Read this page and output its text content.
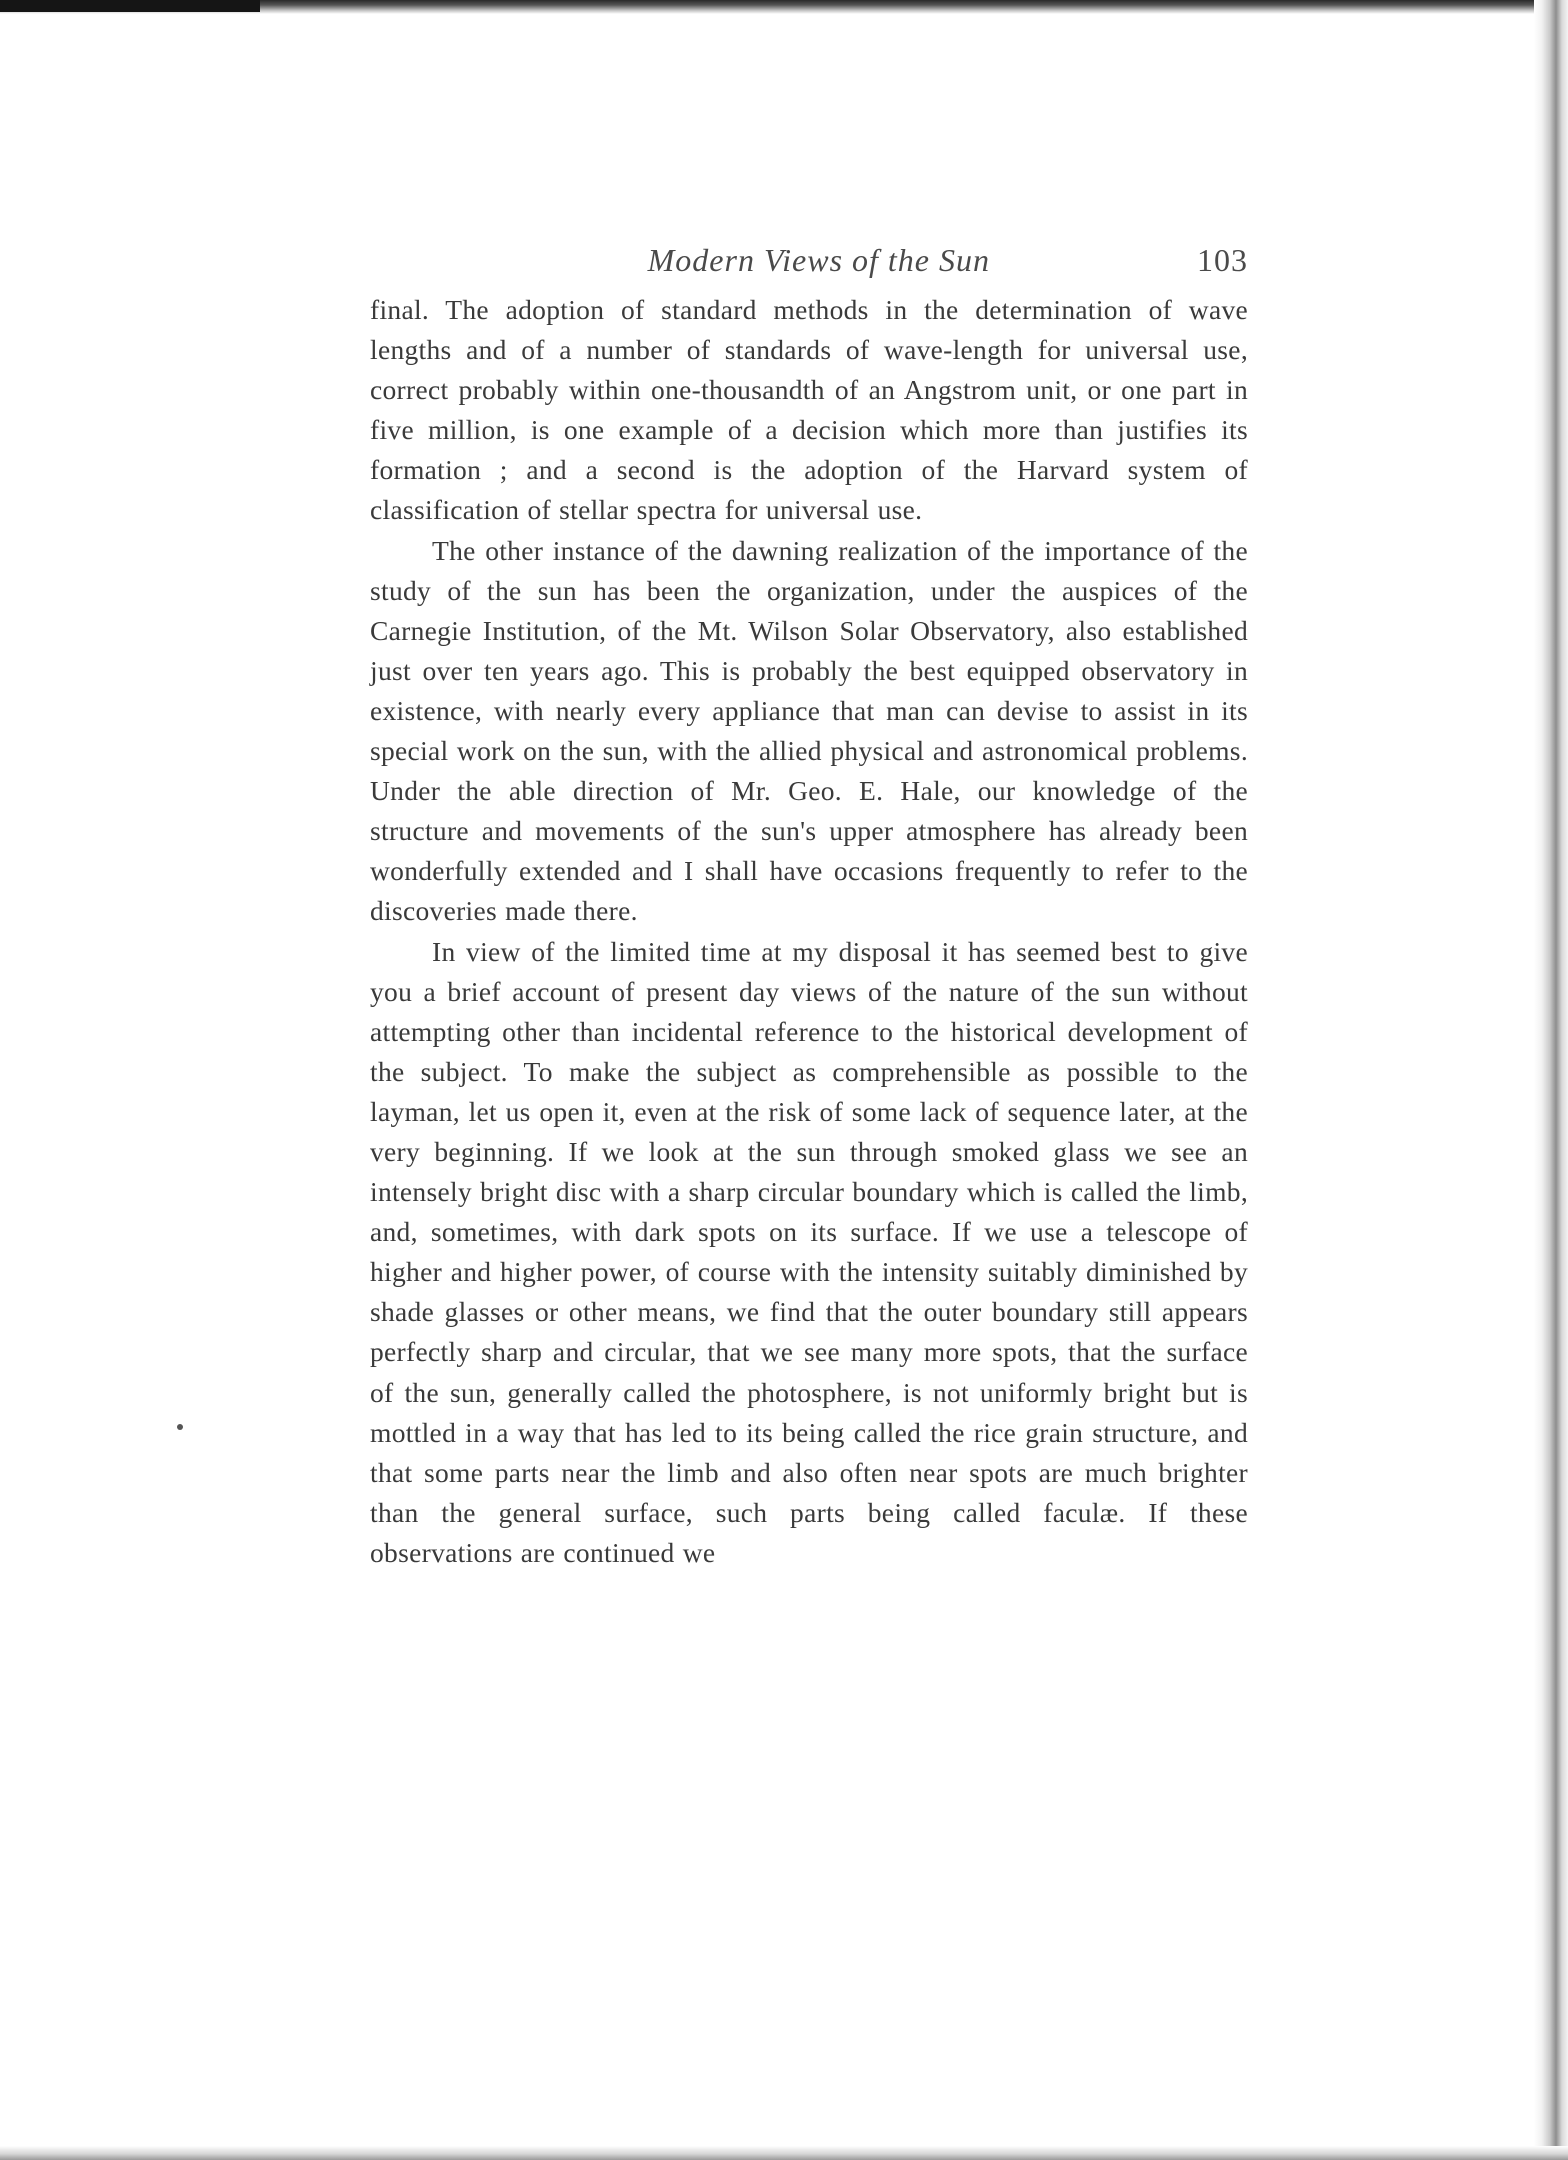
Modern Views of the Sun	103

final. The adoption of standard methods in the determination of wave lengths and of a number of standards of wave-length for universal use, correct probably within one-thousandth of an Angstrom unit, or one part in five million, is one example of a decision which more than justifies its formation ; and a second is the adoption of the Harvard system of classification of stellar spectra for universal use.

The other instance of the dawning realization of the importance of the study of the sun has been the organization, under the auspices of the Carnegie Institution, of the Mt. Wilson Solar Observatory, also established just over ten years ago. This is probably the best equipped observatory in existence, with nearly every appliance that man can devise to assist in its special work on the sun, with the allied physical and astronomical problems. Under the able direction of Mr. Geo. E. Hale, our knowledge of the structure and movements of the sun's upper atmosphere has already been wonderfully extended and I shall have occasions frequently to refer to the discoveries made there.

In view of the limited time at my disposal it has seemed best to give you a brief account of present day views of the nature of the sun without attempting other than incidental reference to the historical development of the subject. To make the subject as comprehensible as possible to the layman, let us open it, even at the risk of some lack of sequence later, at the very beginning. If we look at the sun through smoked glass we see an intensely bright disc with a sharp circular boundary which is called the limb, and, sometimes, with dark spots on its surface. If we use a telescope of higher and higher power, of course with the intensity suitably diminished by shade glasses or other means, we find that the outer boundary still appears perfectly sharp and circular, that we see many more spots, that the surface of the sun, generally called the photosphere, is not uniformly bright but is mottled in a way that has led to its being called the rice grain structure, and that some parts near the limb and also often near spots are much brighter than the general surface, such parts being called faculæ. If these observations are continued we
